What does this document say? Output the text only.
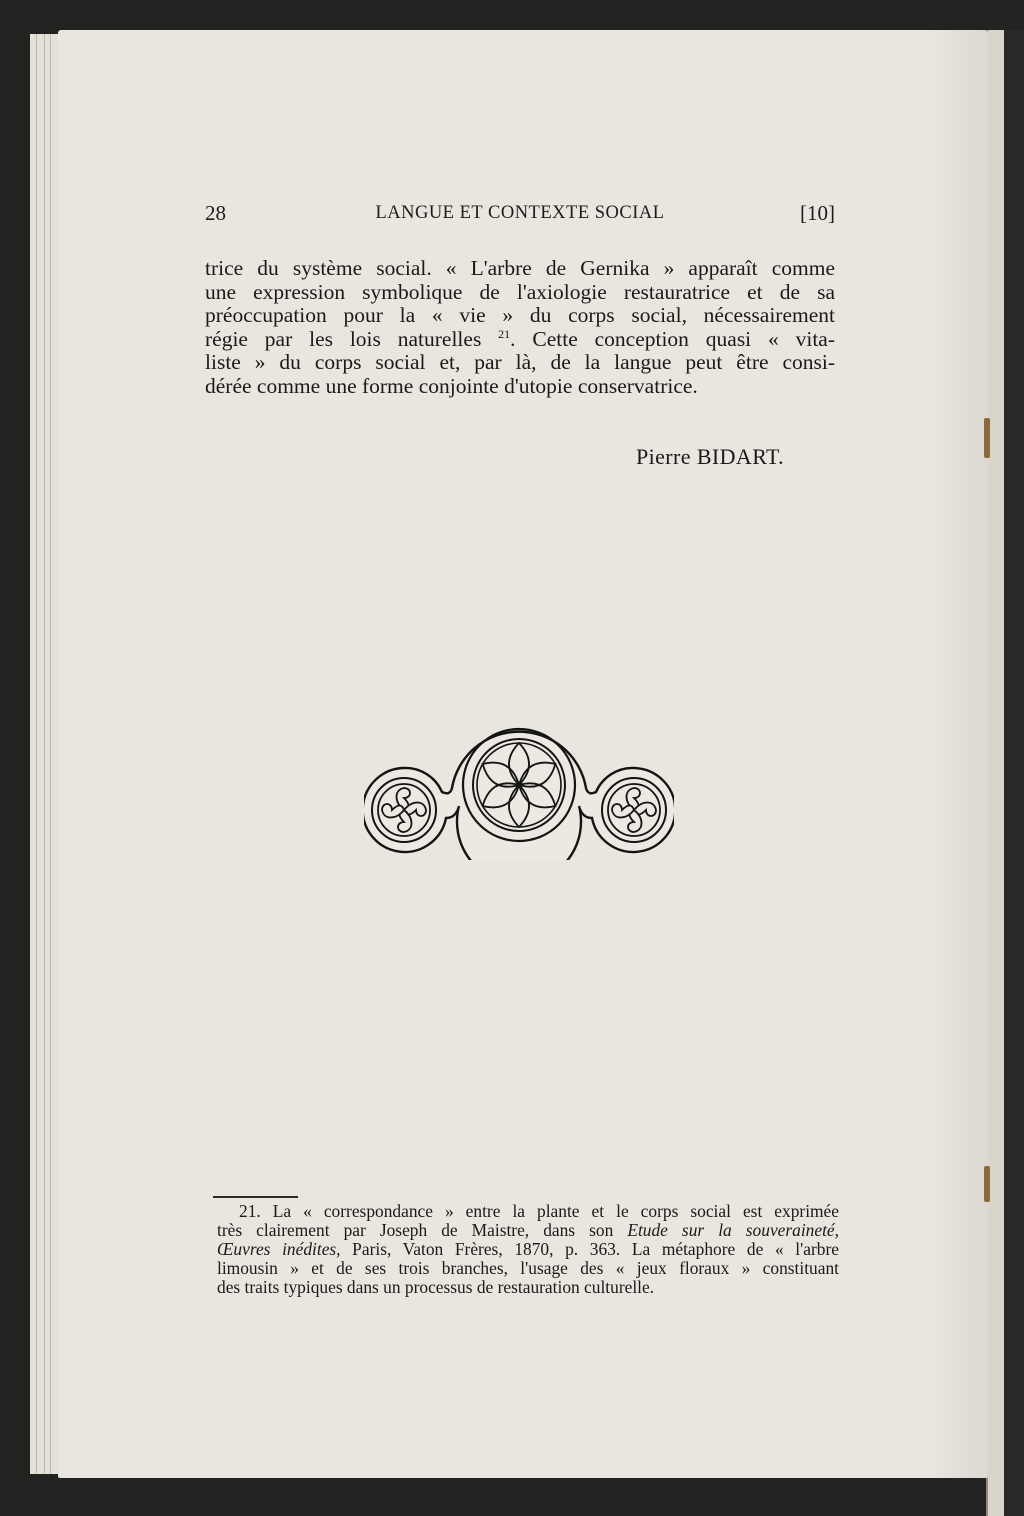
28	LANGUE ET CONTEXTE SOCIAL	[10]
trice du système social. « L'arbre de Gernika » apparaît comme
une expression symbolique de l'axiologie restauratrice et de sa
préoccupation pour la « vie » du corps social, nécessairement
régie par les lois naturelles $^{21}$. Cette conception quasi « vita-
liste » du corps social et, par là, de la langue peut être consi-
dérée comme une forme conjointe d'utopie conservatrice.
Pierre BIDART.
21. La « correspondance » entre la plante et le corps social est exprimée
très clairement par Joseph de Maistre, dans son Etude sur la souveraineté,
Œuvres inédites, Paris, Vaton Frères, 1870, p. 363. La métaphore de « l'arbre
limousin » et de ses trois branches, l'usage des « jeux floraux » constituant
des traits typiques dans un processus de restauration culturelle.
